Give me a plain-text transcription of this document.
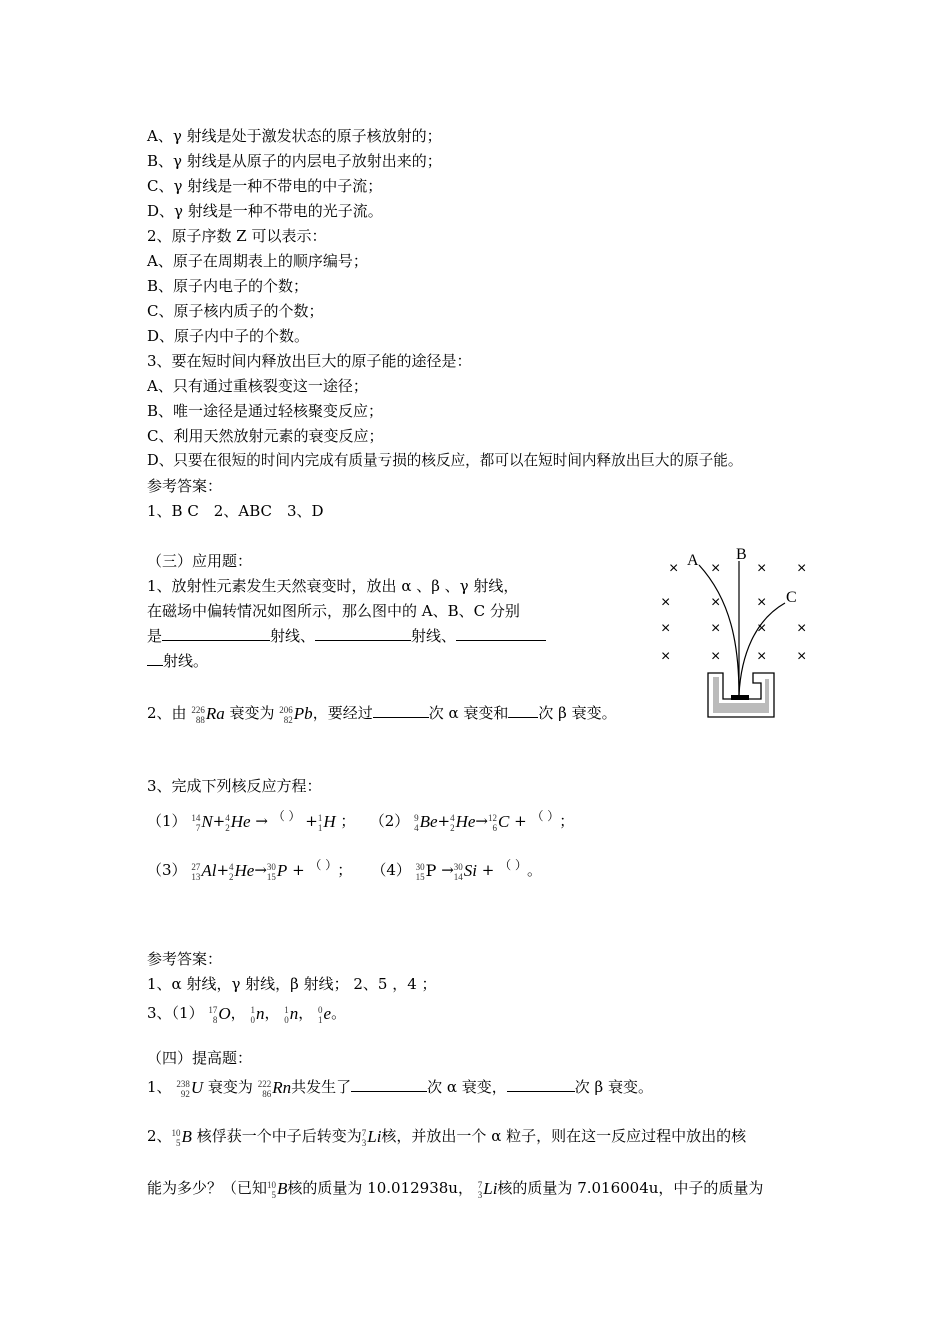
A、γ 射线是处于激发状态的原子核放射的；
B、γ 射线是从原子的内层电子放射出来的；
C、γ 射线是一种不带电的中子流；
D、γ 射线是一种不带电的光子流。
2、原子序数 Z 可以表示：
A、原子在周期表上的顺序编号；
B、原子内电子的个数；
C、原子核内质子的个数；
D、原子内中子的个数。
3、要在短时间内释放出巨大的原子能的途径是：
A、只有通过重核裂变这一途径；
B、唯一途径是通过轻核聚变反应；
C、利用天然放射元素的衰变反应；
D、只要在很短的时间内完成有质量亏损的核反应，都可以在短时间内释放出巨大的原子能。
参考答案：
1、B C　2、ABC　3、D
（三）应用题：
1、放射性元素发生天然衰变时，放出 α 、β 、γ 射线，
在磁场中偏转情况如图所示，那么图中的 A、B、C 分别
是	射线、	射线、
射线。
2、由 226
88 Ra 衰变为 206
82 Pb，要经过	次 α 衰变和 次 β 衰变。
3、完成下列核反应方程：
（1） 14
7 N+ 4
2 He → （ ） + 1
1 H ； （2） 9
4 Be+ 4
2 He→ 12
6 C + （ ）；
（3） 27
13 Al+ 4
2 He→ 30
15 P + （ ）； （4） 30
15 P → 30
14 Si + （ ）。
参考答案：
1、α 射线，γ 射线，β 射线； 2、5 ，4 ；
3、（1） 17
8 O， 1
0 n， 1
0 n， 0
1 e。
（四）提高题：
1、 238
92 U 衰变为 222
86 Rn共发生了	次 α 衰变，	次 β 衰变。
2、 10
5 B 核俘获一个中子后转变为 7
3 Li核，并放出一个 α 粒子，则在这一反应过程中放出的核
能为多少？（已知 10
5 B核的质量为 10.012938u， 7
3 Li核的质量为 7.016004u，中子的质量为
× × × ×
×	× ×
×	× × ×
×	× × ×
A B
C
